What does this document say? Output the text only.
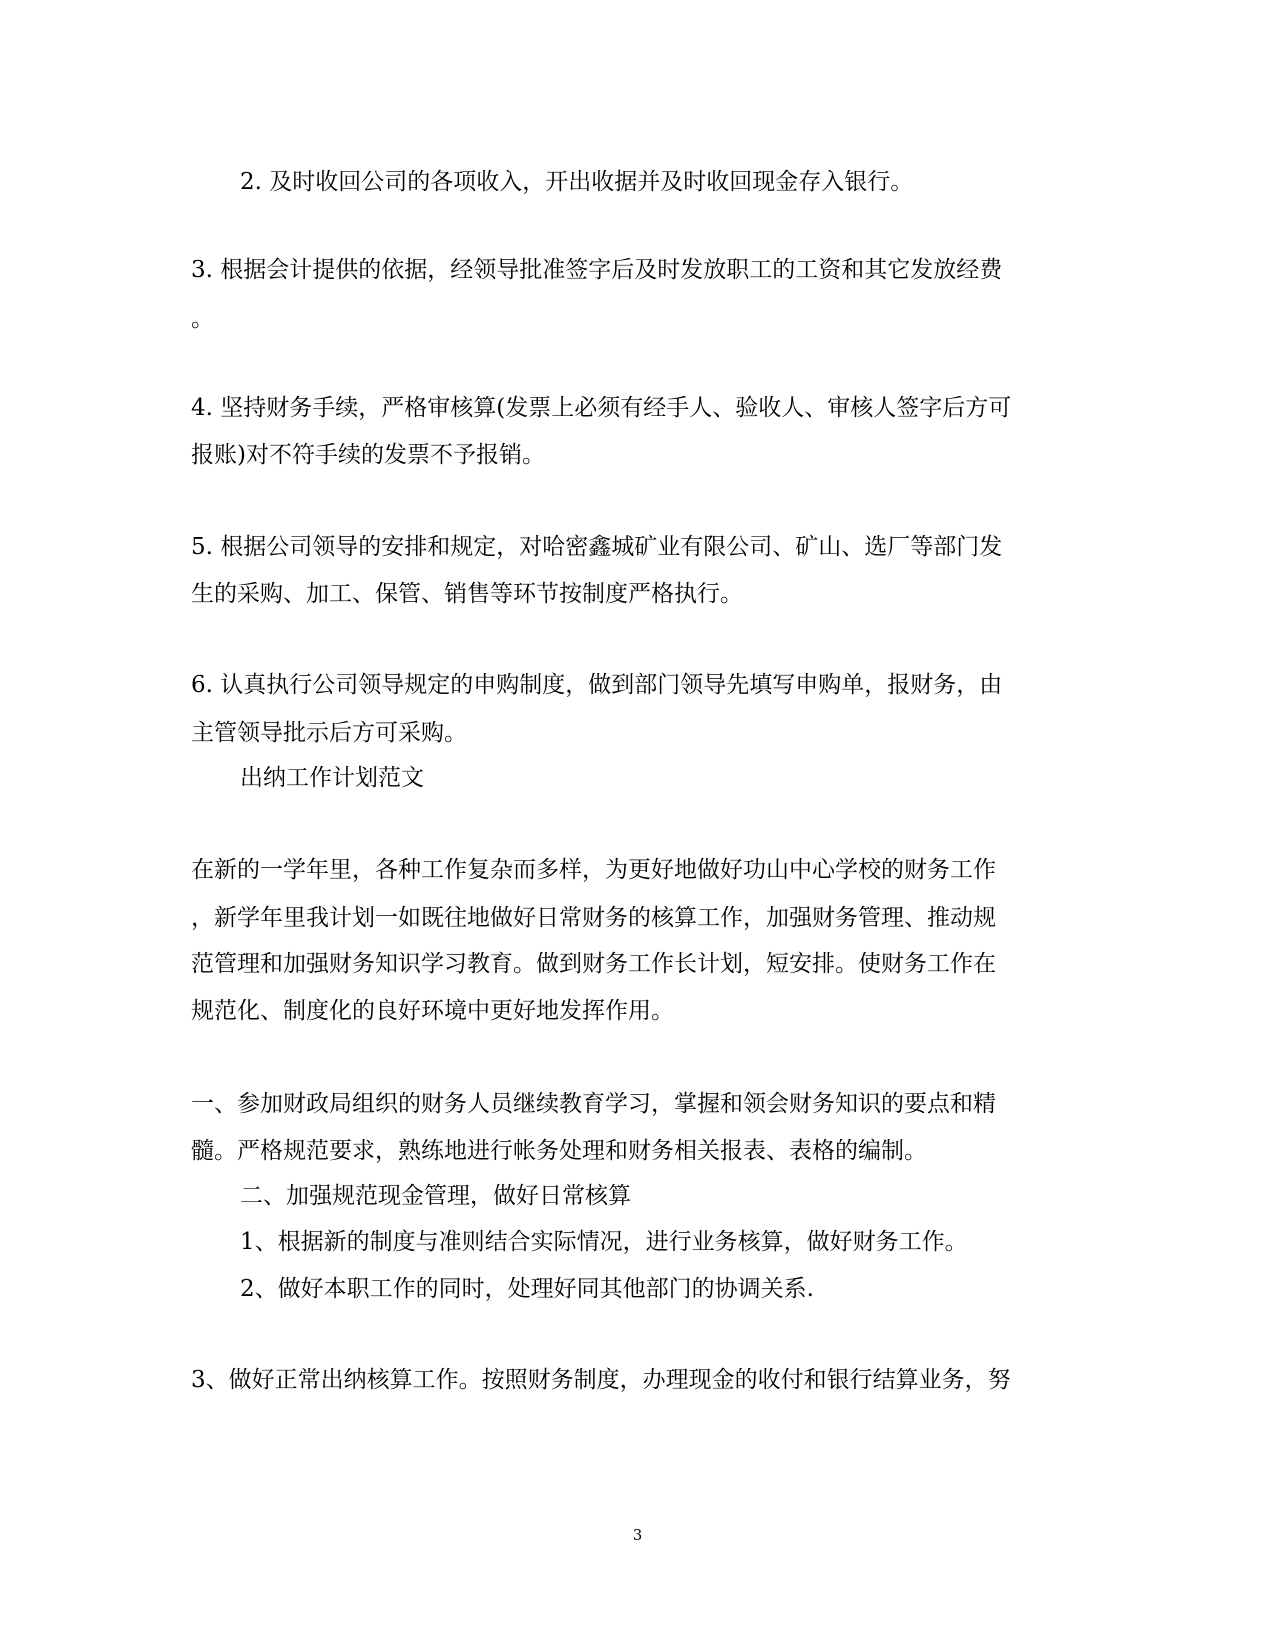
2. 及时收回公司的各项收入，开出收据并及时收回现金存入银行。

3. 根据会计提供的依据，经领导批准签字后及时发放职工的工资和其它发放经费

。

4. 坚持财务手续，严格审核算(发票上必须有经手人、验收人、审核人签字后方可

报账)对不符手续的发票不予报销。

5. 根据公司领导的安排和规定，对哈密鑫城矿业有限公司、矿山、选厂等部门发

生的采购、加工、保管、销售等环节按制度严格执行。

6. 认真执行公司领导规定的申购制度，做到部门领导先填写申购单，报财务，由

主管领导批示后方可采购。

出纳工作计划范文

在新的一学年里，各种工作复杂而多样，为更好地做好功山中心学校的财务工作

，新学年里我计划一如既往地做好日常财务的核算工作，加强财务管理、推动规

范管理和加强财务知识学习教育。做到财务工作长计划，短安排。使财务工作在

规范化、制度化的良好环境中更好地发挥作用。

一、参加财政局组织的财务人员继续教育学习，掌握和领会财务知识的要点和精

髓。严格规范要求，熟练地进行帐务处理和财务相关报表、表格的编制。

二、加强规范现金管理，做好日常核算

1、根据新的制度与准则结合实际情况，进行业务核算，做好财务工作。

2、做好本职工作的同时，处理好同其他部门的协调关系.

3、做好正常出纳核算工作。按照财务制度，办理现金的收付和银行结算业务，努

3
